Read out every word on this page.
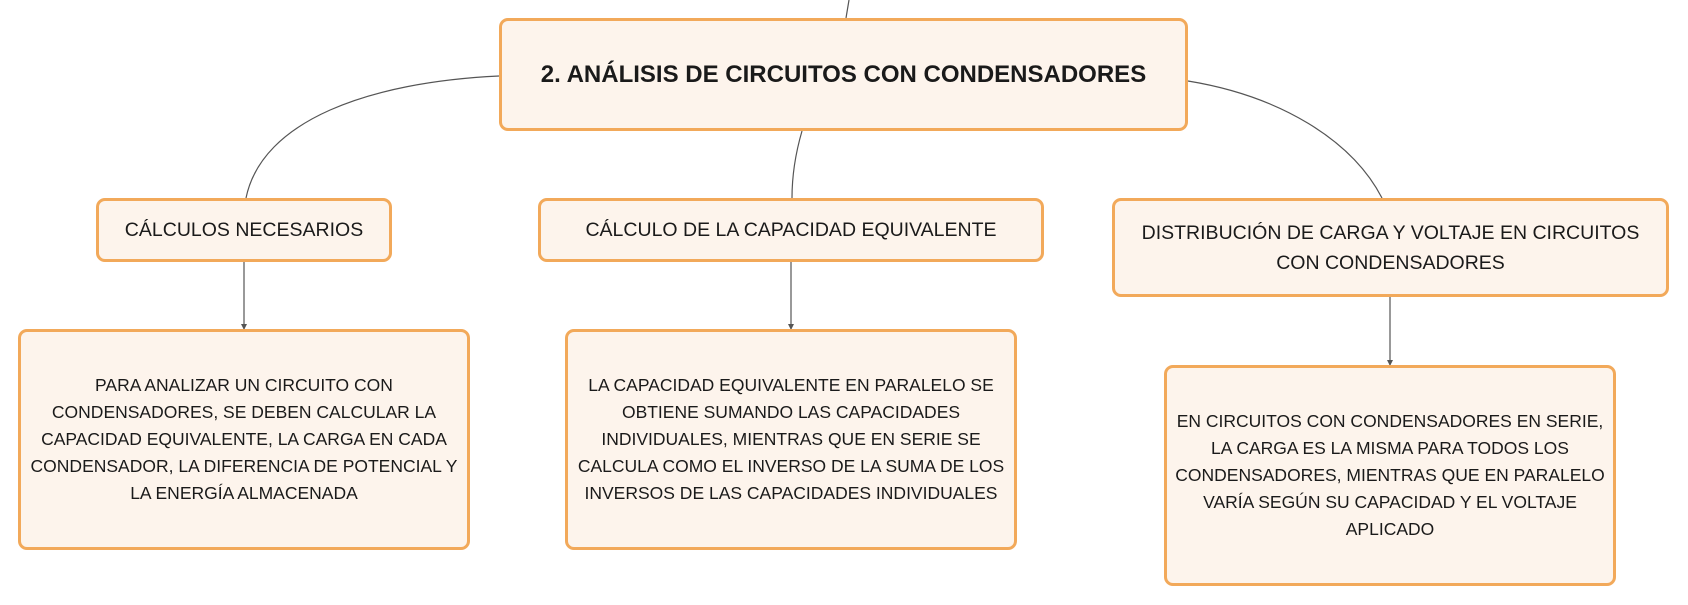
2. ANÁLISIS DE CIRCUITOS CON CONDENSADORES
CÁLCULOS NECESARIOS	CÁLCULO DE LA CAPACIDAD EQUIVALENTE	DISTRIBUCIÓN DE CARGA Y VOLTAJE EN CIRCUITOS CON CONDENSADORES
PARA ANALIZAR UN CIRCUITO CON CONDENSADORES, SE DEBEN CALCULAR LA CAPACIDAD EQUIVALENTE, LA CARGA EN CADA CONDENSADOR, LA DIFERENCIA DE POTENCIAL Y LA ENERGÍA ALMACENADA
LA CAPACIDAD EQUIVALENTE EN PARALELO SE OBTIENE SUMANDO LAS CAPACIDADES INDIVIDUALES, MIENTRAS QUE EN SERIE SE CALCULA COMO EL INVERSO DE LA SUMA DE LOS INVERSOS DE LAS CAPACIDADES INDIVIDUALES
EN CIRCUITOS CON CONDENSADORES EN SERIE, LA CARGA ES LA MISMA PARA TODOS LOS CONDENSADORES, MIENTRAS QUE EN PARALELO VARÍA SEGÚN SU CAPACIDAD Y EL VOLTAJE APLICADO
